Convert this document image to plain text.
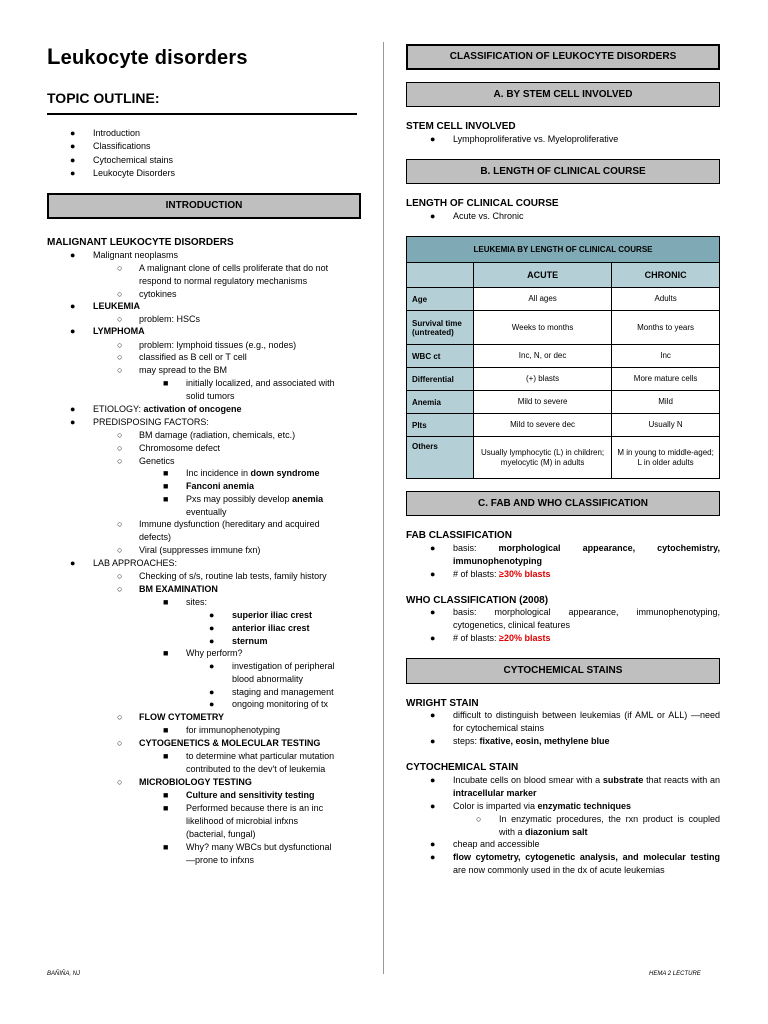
Leukocyte disorders
TOPIC OUTLINE:
● Introduction
● Classifications
● Cytochemical stains
● Leukocyte Disorders
INTRODUCTION
MALIGNANT LEUKOCYTE DISORDERS
● Malignant neoplasms
○ A malignant clone of cells proliferate that do not
respond to normal regulatory mechanisms
○ cytokines
● LEUKEMIA
○ problem: HSCs
● LYMPHOMA
○ problem: lymphoid tissues (e.g., nodes)
○ classified as B cell or T cell
○ may spread to the BM
■ initially localized, and associated with
solid tumors
● ETIOLOGY: activation of oncogene
● PREDISPOSING FACTORS:
○ BM damage (radiation, chemicals, etc.)
○ Chromosome defect
○ Genetics
■ Inc incidence in down syndrome
■ Fanconi anemia
■ Pxs may possibly develop anemia
eventually
○ Immune dysfunction (hereditary and acquired
defects)
○ Viral (suppresses immune fxn)
● LAB APPROACHES:
○ Checking of s/s, routine lab tests, family history
○ BM EXAMINATION
■ sites:
● superior iliac crest
● anterior iliac crest
● sternum
■ Why perform?
● investigation of peripheral
blood abnormality
● staging and management
● ongoing monitoring of tx
○ FLOW CYTOMETRY
■ for immunophenotyping
○ CYTOGENETICS & MOLECULAR TESTING
■ to determine what particular mutation
contributed to the dev't of leukemia
○ MICROBIOLOGY TESTING
■ Culture and sensitivity testing
■ Performed because there is an inc
likelihood of microbial infxns
(bacterial, fungal)
■ Why? many WBCs but dysfunctional
—prone to infxns
CLASSIFICATION OF LEUKOCYTE DISORDERS
A. BY STEM CELL INVOLVED
STEM CELL INVOLVED
● Lymphoproliferative vs. Myeloproliferative
B. LENGTH OF CLINICAL COURSE
LENGTH OF CLINICAL COURSE
● Acute vs. Chronic
LEUKEMIA BY LENGTH OF CLINICAL COURSE		
	ACUTE	CHRONIC
Age	All ages	Adults
Survival time (untreated)	Weeks to months	Months to years
WBC ct	Inc, N, or dec	Inc
Differential	(+) blasts	More mature cells
Anemia	Mild to severe	Mild
Plts	Mild to severe dec	Usually N
Others	Usually lymphocytic (L) in children; myelocytic (M) in adults	M in young to middle-aged; L in older adults
C. FAB AND WHO CLASSIFICATION
FAB CLASSIFICATION
● basis: morphological appearance, cytochemistry, immunophenotyping
● # of blasts: ≥30% blasts
WHO CLASSIFICATION (2008)
● basis: morphological appearance, immunophenotyping, cytogenetics, clinical features
● # of blasts: ≥20% blasts
CYTOCHEMICAL STAINS
WRIGHT STAIN
● difficult to distinguish between leukemias (if AML or ALL) —need for cytochemical stains
● steps: fixative, eosin, methylene blue
CYTOCHEMICAL STAIN
● Incubate cells on blood smear with a substrate that reacts with an intracellular marker
● Color is imparted via enzymatic techniques
○ In enzymatic procedures, the rxn product is coupled with a diazonium salt
● cheap and accessible
● flow cytometry, cytogenetic analysis, and molecular testing are now commonly used in the dx of acute leukemias
BAÑIÑA, NJ	HEMA 2 LECTURE
